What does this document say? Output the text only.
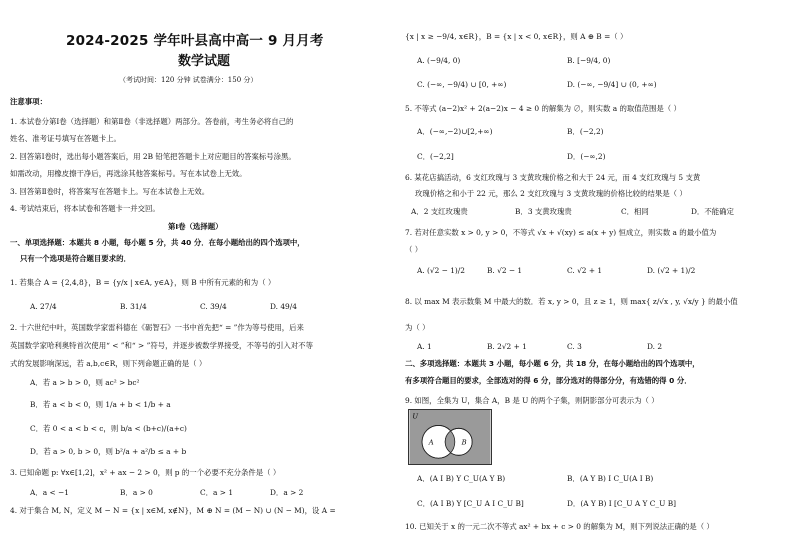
2024-2025 学年叶县高中高一 9 月月考
数学试题
（考试时间：120 分钟 试卷满分：150 分）
注意事项：
1. 本试卷分第Ⅰ卷（选择题）和第Ⅱ卷（非选择题）两部分。答卷前，考生务必将自己的
姓名、准考证号填写在答题卡上。
2. 回答第Ⅰ卷时，选出每小题答案后，用 2B 铅笔把答题卡上对应题目的答案标号涂黑。
如需改动，用橡皮擦干净后，再选涂其他答案标号。写在本试卷上无效。
3. 回答第Ⅱ卷时，将答案写在答题卡上。写在本试卷上无效。
4. 考试结束后，将本试卷和答题卡一并交回。
第Ⅰ卷（选择题）
一、单项选择题：本题共 8 小题，每小题 5 分，共 40 分．在每小题给出的四个选项中，
只有一个选项是符合题目要求的．
1. 若集合 A = {2,4,8}，B = {y/x | x∈A, y∈A}，则 B 中所有元素的和为（ ）
A. 27/4	B. 31/4	C. 39/4	D. 49/4
2. 十六世纪中叶，英国数学家雷科德在《砺智石》一书中首先把“ = ”作为等号使用，后来
英国数学家哈利奥特首次使用“ < ”和“ > ”符号，并逐步被数学界接受，不等号的引入对不等
式的发展影响深远，若 a,b,c∈R，则下列命题正确的是（ ）
A．若 a > b > 0，则 ac² > bc²
B．若 a < b < 0，则 1/a + b < 1/b + a
C．若 0 < a < b < c，则 b/a < (b+c)/(a+c)
D．若 a > 0, b > 0，则 b²/a + a²/b ≤ a + b
3. 已知命题 p: ∀x∈[1,2]，x² + ax − 2 > 0，则 p 的一个必要不充分条件是（ ）
A．a < −1	B．a > 0	C．a > 1	D．a > 2
4. 对于集合 M, N，定义 M − N = {x | x∈M, x∉N}，M ⊕ N = (M − N) ∪ (N − M)，设 A =
{x | x ≥ −9/4, x∈R}，B = {x | x < 0, x∈R}，则 A ⊕ B =（ ）
A. (−9/4, 0)	B. [−9/4, 0)
C. (−∞, −9/4) ∪ [0, +∞)	D. (−∞, −9/4] ∪ (0, +∞)
5. 不等式 (a−2)x² + 2(a−2)x − 4 ≥ 0 的解集为 ∅，则实数 a 的取值范围是（ ）
A．(−∞,−2)∪[2,+∞)	B．(−2,2)
C．(−2,2]	D．(−∞,2)
6. 某花店搞活动，6 支红玫瑰与 3 支黄玫瑰价格之和大于 24 元，而 4 支红玫瑰与 5 支黄
玫瑰价格之和小于 22 元，那么 2 支红玫瑰与 3 支黄玫瑰的价格比较的结果是（ ）
A．2 支红玫瑰贵	B．3 支黄玫瑰贵	C．相同	D．不能确定
7. 若对任意实数 x > 0, y > 0，不等式 √x + √(xy) ≤ a(x + y) 恒成立，则实数 a 的最小值为
（ ）
A. (√2 − 1)/2	B. √2 − 1	C. √2 + 1	D. (√2 + 1)/2
8. 以 max M 表示数集 M 中最大的数．若 x, y > 0，且 z ≥ 1，则 max{ z/√x , y, √x/y } 的最小值
为（ ）
A. 1	B. 2√2 + 1	C. 3	D. 2
二、多项选择题：本题共 3 小题，每小题 6 分，共 18 分，在每小题给出的四个选项中，
有多项符合题目的要求，全部选对的得 6 分，部分选对的得部分分，有选错的得 0 分．
9. 如图，全集为 U，集合 A，B 是 U 的两个子集，则阴影部分可表示为（ ）
A．(A I B) Y C_U(A Y B)	B．(A Y B) I C_U(A I B)
C．(A I B) Y [C_U A I C_U B]	D．(A Y B) I [C_U A Y C_U B]
10. 已知关于 x 的一元二次不等式 ax² + bx + c > 0 的解集为 M，则下列说法正确的是（ ）
U
A	B
